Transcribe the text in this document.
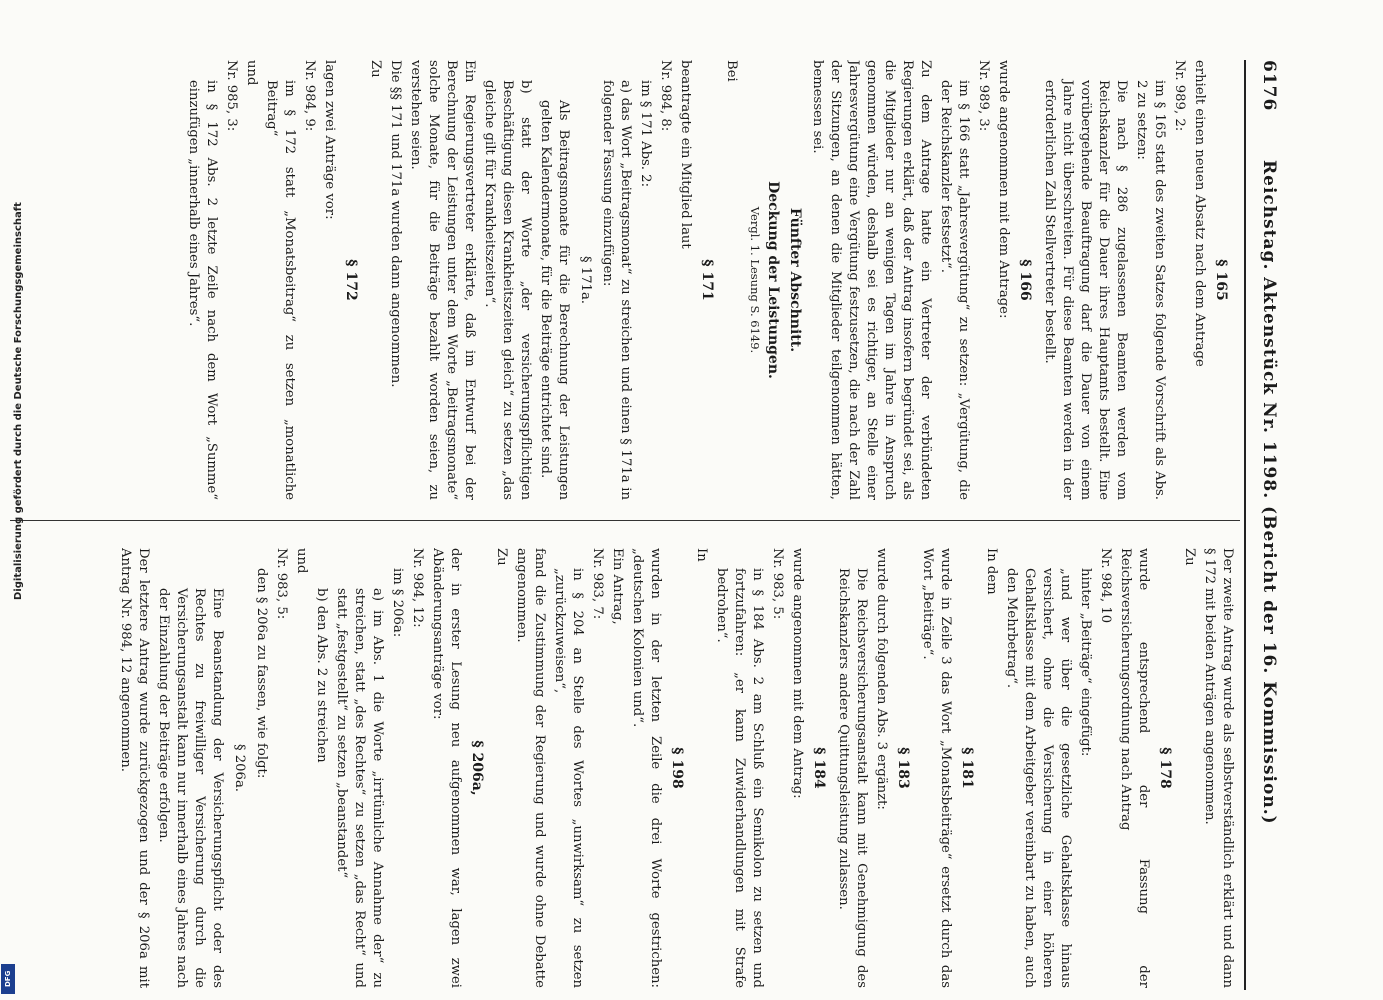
6176
Reichstag. Aktenstück Nr. 1198. (Bericht der 16. Kommission.)

§ 165

erhielt einen neuen Absatz nach dem Antrage

Nr. 989, 2:

im § 165 statt des zweiten Satzes folgende Vorschrift als Abs. 2 zu setzen:

Die nach § 286 zugelassenen Beamten werden vom Reichskanzler für die Dauer ihres Hauptamts bestellt. Eine vorübergehende Beauftragung darf die Dauer von einem Jahre nicht überschreiten. Für diese Beamten werden in der erforderlichen Zahl Stellvertreter bestellt.

§ 166

wurde angenommen mit dem Antrage:

Nr. 989, 3:

im § 166 statt „Jahresvergütung“ zu setzen: „Vergütung, die der Reichskanzler festsetzt“.

Zu dem Antrage hatte ein Vertreter der verbündeten Regierungen erklärt, daß der Antrag insofern begründet sei, als die Mitglieder nur an wenigen Tagen im Jahre in Anspruch genommen würden, deshalb sei es richtiger, an Stelle einer Jahresvergütung eine Vergütung festzusetzen, die nach der Zahl der Sitzungen, an denen die Mitglieder teilgenommen hätten, bemessen sei.

Fünfter Abschnitt.

Deckung der Leistungen.

Vergl. 1. Lesung S. 6149.

Bei

§ 171

beantragte ein Mitglied laut

Nr. 984, 8:

im § 171 Abs. 2:

a) das Wort „Beitragsmonat“ zu streichen und einen § 171a in folgender Fassung einzufügen:

§ 171a.

Als Beitragsmonate für die Berechnung der Leistungen gelten Kalendermonate, für die Beiträge entrichtet sind.

b) statt der Worte „der versicherungspflichtigen Beschäftigung diesen Krankheitszeiten gleich“ zu setzen „das gleiche gilt für Krankheitszeiten“.

Ein Regierungsvertreter erklärte, daß im Entwurf bei der Berechnung der Leistungen unter dem Worte „Beitragsmonate“ solche Monate, für die Beiträge bezahlt worden seien, zu verstehen seien.

Die §§ 171 und 171a wurden dann angenommen.

Zu

§ 172

lagen zwei Anträge vor:

Nr. 984, 9:

im § 172 statt „Monatsbeitrag“ zu setzen „monatliche Beitrag“

und

Nr. 985, 3:

in § 172 Abs. 2 letzte Zeile nach dem Wort „Summe“ einzufügen „innerhalb eines Jahres“.

Der zweite Antrag wurde als selbstverständlich erklärt und dann § 172 mit beiden Anträgen angenommen.

Zu

§ 178

wurde entsprechend der Fassung der Reichsversicherungsordnung nach Antrag

Nr. 984, 10

hinter „Beiträge“ eingefügt:

„und wer über die gesetzliche Gehaltsklasse hinaus versichert, ohne die Versicherung in einer höheren Gehaltsklasse mit dem Arbeitgeber vereinbart zu haben, auch den Mehrbetrag“.

In dem

§ 181

wurde in Zeile 3 das Wort „Monatsbeiträge“ ersetzt durch das Wort „Beiträge“.

§ 183

wurde durch folgenden Abs. 3 ergänzt:

Die Reichsversicherungsanstalt kann mit Genehmigung des Reichskanzlers andere Quittungsleistung zulassen.

§ 184

wurde angenommen mit dem Antrag:

Nr. 983, 5:

in § 184 Abs. 2 am Schluß ein Semikolon zu setzen und fortzufahren: „er kann Zuwiderhandlungen mit Strafe bedrohen“.

In

§ 198

wurden in der letzten Zeile die drei Worte gestrichen: „deutschen Kolonien und“.

Ein Antrag,

Nr. 983, 7:

in § 204 an Stelle des Wortes „unwirksam“ zu setzen „zurückzuweisen“,

fand die Zustimmung der Regierung und wurde ohne Debatte angenommen.

Zu

§ 206a,

der in erster Lesung neu aufgenommen war, lagen zwei Abänderungsanträge vor:

Nr. 984, 12:

im § 206a:

a) im Abs. 1 die Worte „irrtümliche Annahme der“ zu streichen, statt „des Rechtes“ zu setzen „das Recht“ und statt „festgestellt“ zu setzen „beanstandet“

b) den Abs. 2 zu streichen

und

Nr. 983, 5:

den § 206a zu fassen, wie folgt:

§ 206a.

Eine Beanstandung der Versicherungspflicht oder des Rechtes zu freiwilliger Versicherung durch die Versicherungsanstalt kann nur innerhalb eines Jahres nach der Einzahlung der Beiträge erfolgen.

Der letztere Antrag wurde zurückgezogen und der § 206a mit Antrag Nr. 984, 12 angenommen.

Digitalisierung gefördert durch die Deutsche Forschungsgemeinschaft
DFG
